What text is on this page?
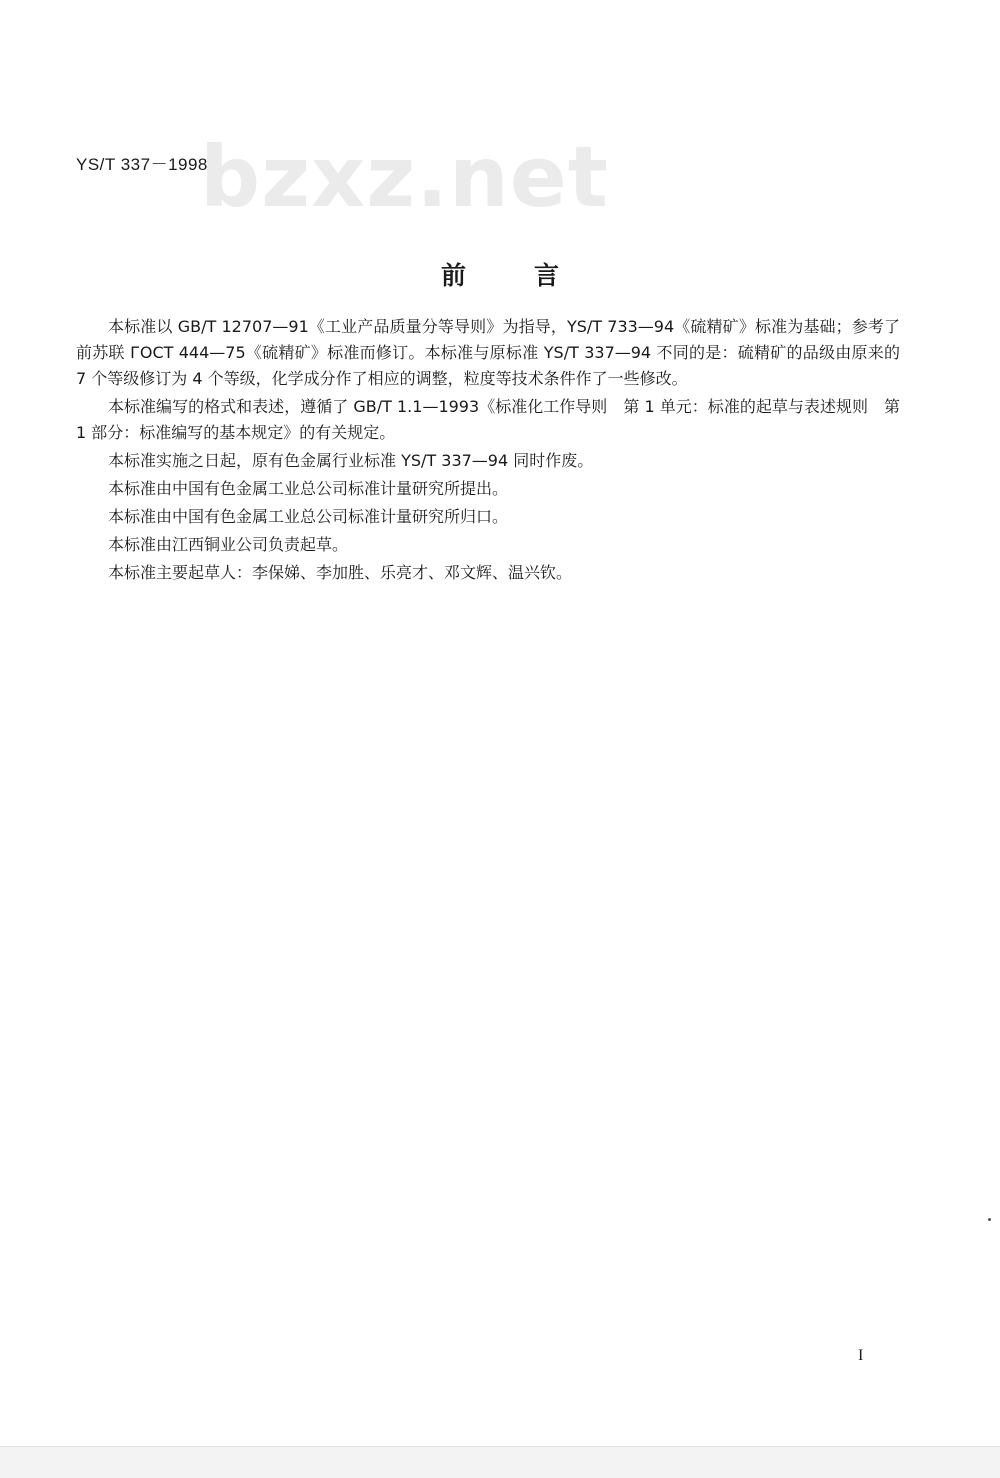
bzxz.net
YS/T 337－1998
前言

本标准以 GB/T 12707—91《工业产品质量分等导则》为指导，YS/T 733—94《硫精矿》标准为基础；参考了前苏联 ГОСТ 444—75《硫精矿》标准而修订。本标准与原标准 YS/T 337—94 不同的是：硫精矿的品级由原来的 7 个等级修订为 4 个等级，化学成分作了相应的调整，粒度等技术条件作了一些修改。

本标准编写的格式和表述，遵循了 GB/T 1.1—1993《标准化工作导则　第 1 单元：标准的起草与表述规则　第 1 部分：标准编写的基本规定》的有关规定。

本标准实施之日起，原有色金属行业标准 YS/T 337—94 同时作废。

本标准由中国有色金属工业总公司标准计量研究所提出。

本标准由中国有色金属工业总公司标准计量研究所归口。

本标准由江西铜业公司负责起草。

本标准主要起草人：李保娣、李加胜、乐亮才、邓文辉、温兴钦。

I
